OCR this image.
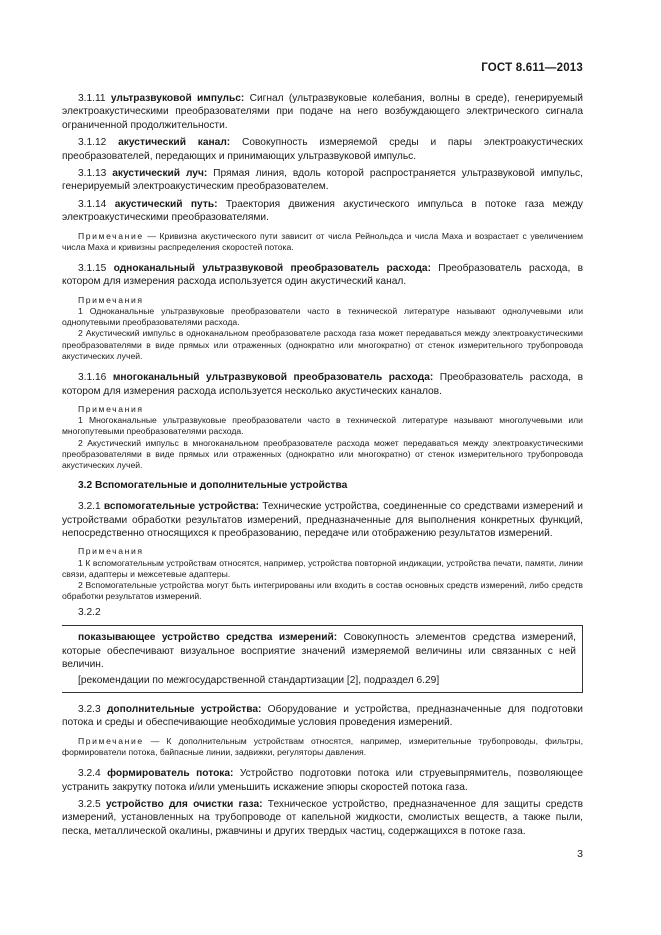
ГОСТ 8.611—2013

3.1.11 ультразвуковой импульс: Сигнал (ультразвуковые колебания, волны в среде), генерируемый электроакустическими преобразователями при подаче на него возбуждающего электрического сигнала ограниченной продолжительности.

3.1.12 акустический канал: Совокупность измеряемой среды и пары электроакустических преобразователей, передающих и принимающих ультразвуковой импульс.

3.1.13 акустический луч: Прямая линия, вдоль которой распространяется ультразвуковой импульс, генерируемый электроакустическим преобразователем.

3.1.14 акустический путь: Траектория движения акустического импульса в потоке газа между электроакустическими преобразователями.

Примечание — Кривизна акустического пути зависит от числа Рейнольдса и числа Маха и возрастает с увеличением числа Маха и кривизны распределения скоростей потока.

3.1.15 одноканальный ультразвуковой преобразователь расхода: Преобразователь расхода, в котором для измерения расхода используется один акустический канал.

Примечания

1 Одноканальные ультразвуковые преобразователи часто в технической литературе называют однолучевыми или однопутевыми преобразователями расхода.

2 Акустический импульс в одноканальном преобразователе расхода газа может передаваться между электроакустическими преобразователями в виде прямых или отраженных (однократно или многократно) от стенок измерительного трубопровода акустических лучей.

3.1.16 многоканальный ультразвуковой преобразователь расхода: Преобразователь расхода, в котором для измерения расхода используется несколько акустических каналов.

Примечания

1 Многоканальные ультразвуковые преобразователи часто в технической литературе называют многолучевыми или многопутевыми преобразователями расхода.

2 Акустический импульс в многоканальном преобразователе расхода может передаваться между электроакустическими преобразователями в виде прямых или отраженных (однократно или многократно) от стенок измерительного трубопровода акустических лучей.

3.2 Вспомогательные и дополнительные устройства

3.2.1 вспомогательные устройства: Технические устройства, соединенные со средствами измерений и устройствами обработки результатов измерений, предназначенные для выполнения конкретных функций, непосредственно относящихся к преобразованию, передаче или отображению результатов измерений.

Примечания

1 К вспомогательным устройствам относятся, например, устройства повторной индикации, устройства печати, памяти, линии связи, адаптеры и межсетевые адаптеры.

2 Вспомогательные устройства могут быть интегрированы или входить в состав основных средств измерений, либо средств обработки результатов измерений.

3.2.2

показывающее устройство средства измерений: Совокупность элементов средства измерений, которые обеспечивают визуальное восприятие значений измеряемой величины или связанных с ней величин.

[рекомендации по межгосударственной стандартизации [2], подраздел 6.29]

3.2.3 дополнительные устройства: Оборудование и устройства, предназначенные для подготовки потока и среды и обеспечивающие необходимые условия проведения измерений.

Примечание — К дополнительным устройствам относятся, например, измерительные трубопроводы, фильтры, формирователи потока, байпасные линии, задвижки, регуляторы давления.

3.2.4 формирователь потока: Устройство подготовки потока или струевыпрямитель, позволяющее устранить закрутку потока и/или уменьшить искажение эпюры скоростей потока газа.

3.2.5 устройство для очистки газа: Техническое устройство, предназначенное для защиты средств измерений, установленных на трубопроводе от капельной жидкости, смолистых веществ, а также пыли, песка, металлической окалины, ржавчины и других твердых частиц, содержащихся в потоке газа.

3
